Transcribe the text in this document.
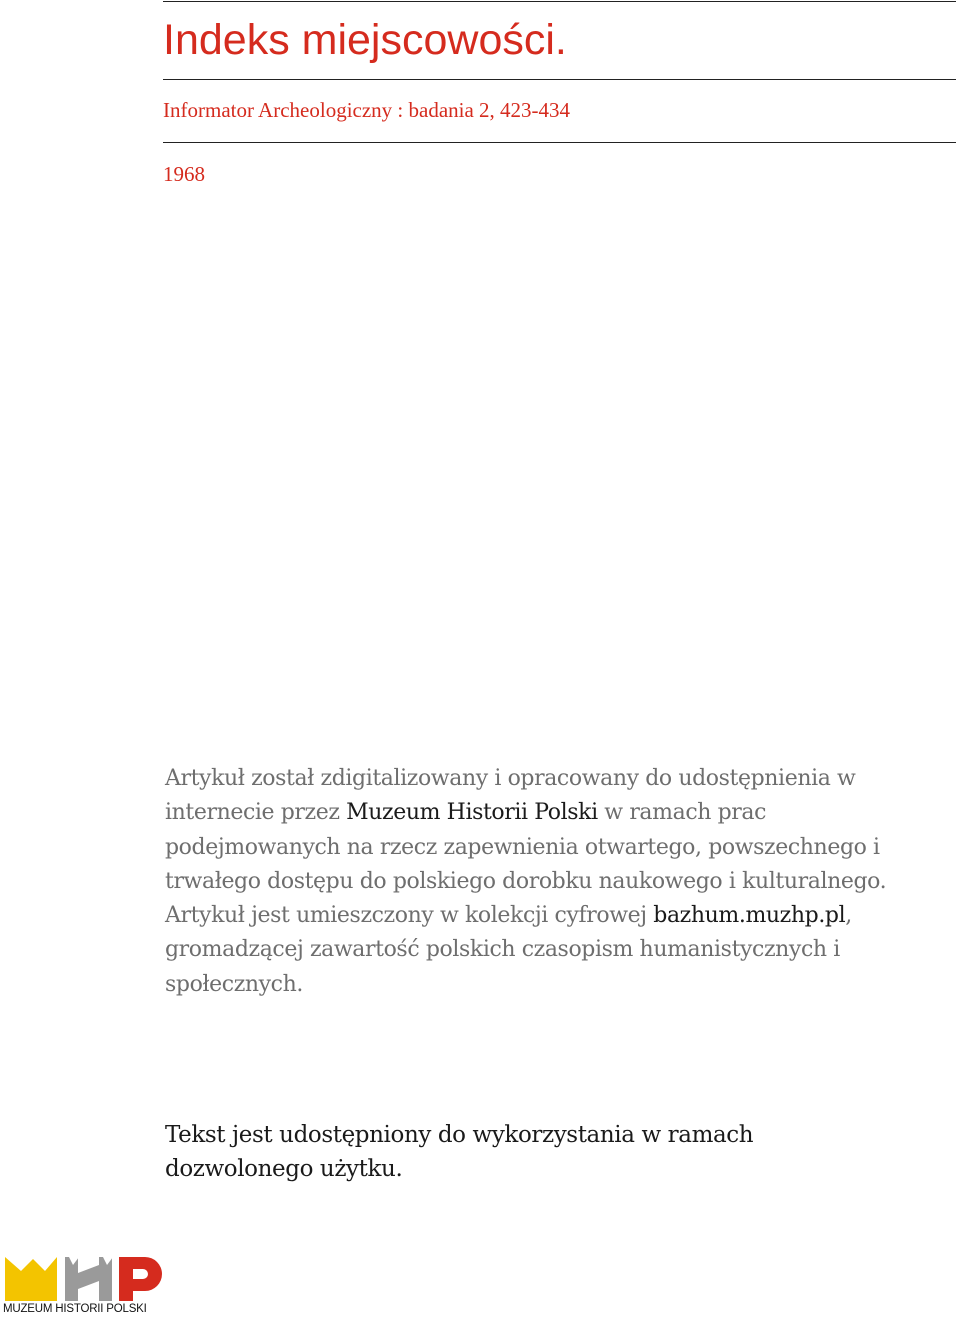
Indeks miejscowości.
Informator Archeologiczny : badania 2, 423-434
1968

Artykuł został zdigitalizowany i opracowany do udostępnienia w internecie przez Muzeum Historii Polski w ramach prac podejmowanych na rzecz zapewnienia otwartego, powszechnego i trwałego dostępu do polskiego dorobku naukowego i kulturalnego. Artykuł jest umieszczony w kolekcji cyfrowej bazhum.muzhp.pl, gromadzącej zawartość polskich czasopism humanistycznych i społecznych.

Tekst jest udostępniony do wykorzystania w ramach dozwolonego użytku.

MUZEUM HISTORII POLSKI
